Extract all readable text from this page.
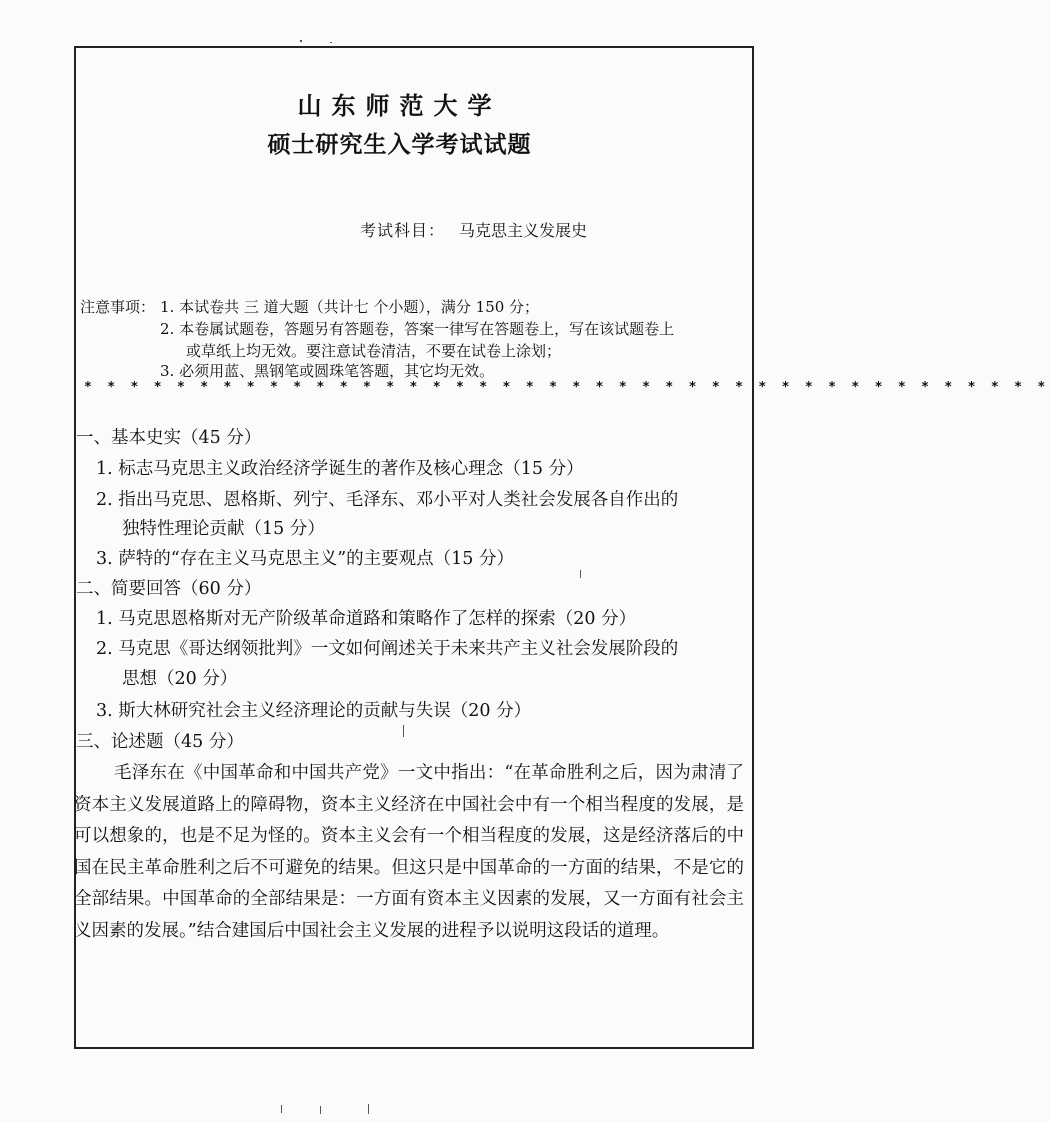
山东师范大学
硕士研究生入学考试试题
考试科目： 马克思主义发展史
注意事项： 1. 本试卷共 三 道大题（共计七 个小题），满分 150 分；
2. 本卷属试题卷，答题另有答题卷，答案一律写在答题卷上，写在该试题卷上
或草纸上均无效。要注意试卷清洁，不要在试卷上涂划；
3. 必须用蓝、黑钢笔或圆珠笔答题，其它均无效。
* * * * * * * * * * * * * * * * * * * * * * * * * * * * * * * * * * * * * * * * * *
一、基本史实（45 分）
1. 标志马克思主义政治经济学诞生的著作及核心理念（15 分）
2. 指出马克思、恩格斯、列宁、毛泽东、邓小平对人类社会发展各自作出的
独特性理论贡献（15 分）
3. 萨特的“存在主义马克思主义”的主要观点（15 分）
二、简要回答（60 分）
1. 马克思恩格斯对无产阶级革命道路和策略作了怎样的探索（20 分）
2. 马克思《哥达纲领批判》一文如何阐述关于未来共产主义社会发展阶段的
思想（20 分）
3. 斯大林研究社会主义经济理论的贡献与失误（20 分）
三、论述题（45 分）
毛泽东在《中国革命和中国共产党》一文中指出：“在革命胜利之后，因为肃清了资本主义发展道路上的障碍物，资本主义经济在中国社会中有一个相当程度的发展，是可以想象的，也是不足为怪的。资本主义会有一个相当程度的发展，这是经济落后的中国在民主革命胜利之后不可避免的结果。但这只是中国革命的一方面的结果，不是它的全部结果。中国革命的全部结果是：一方面有资本主义因素的发展，又一方面有社会主义因素的发展。”结合建国后中国社会主义发展的进程予以说明这段话的道理。
